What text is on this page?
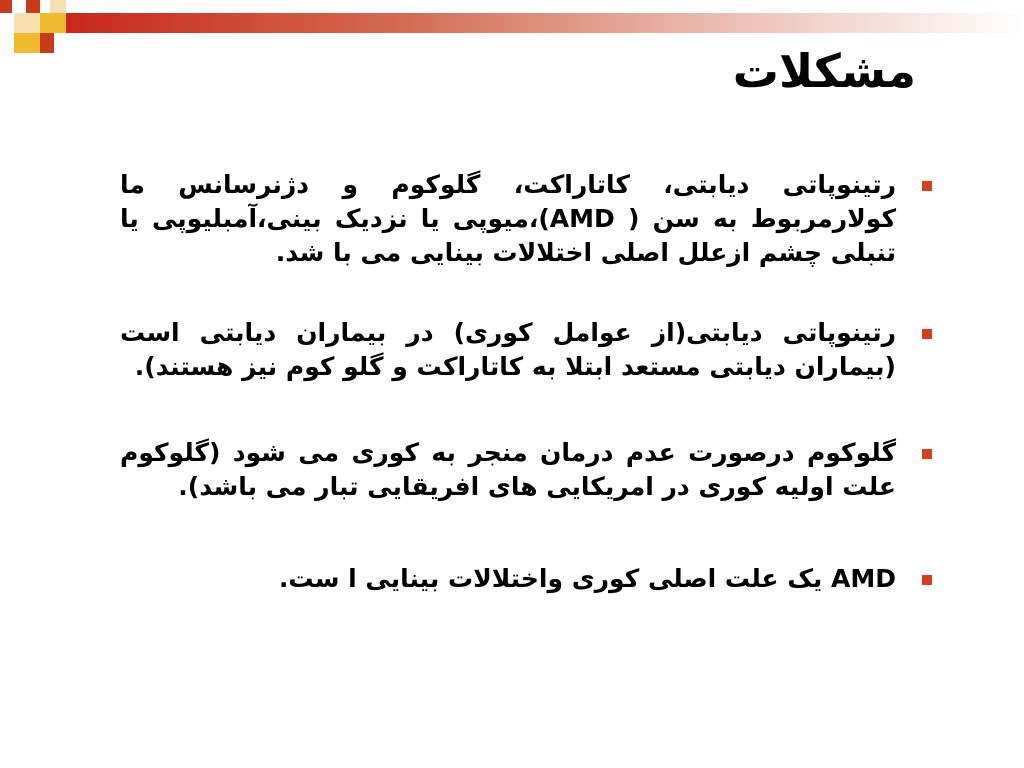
مشکلات
رتینوپاتی دیابتی، کاتاراکت، گلوکوم و دژنرسانس ما کولارمربوط به سن ( AMD)،میوپی یا نزدیک بینی،آمبلیوپی یا تنبلی چشم ازعلل اصلی اختلالات بینایی می با شد.
رتینوپاتی دیابتی(از عوامل کوری) در بیماران دیابتی است (بیماران دیابتی مستعد ابتلا به کاتاراکت و گلو کوم نیز هستند).
گلوکوم درصورت عدم درمان منجر به کوری می شود (گلوکوم علت اولیه کوری در امریکایی های افریقایی تبار می باشد).
AMD یک علت اصلی کوری واختلالات بینایی ا ست.
